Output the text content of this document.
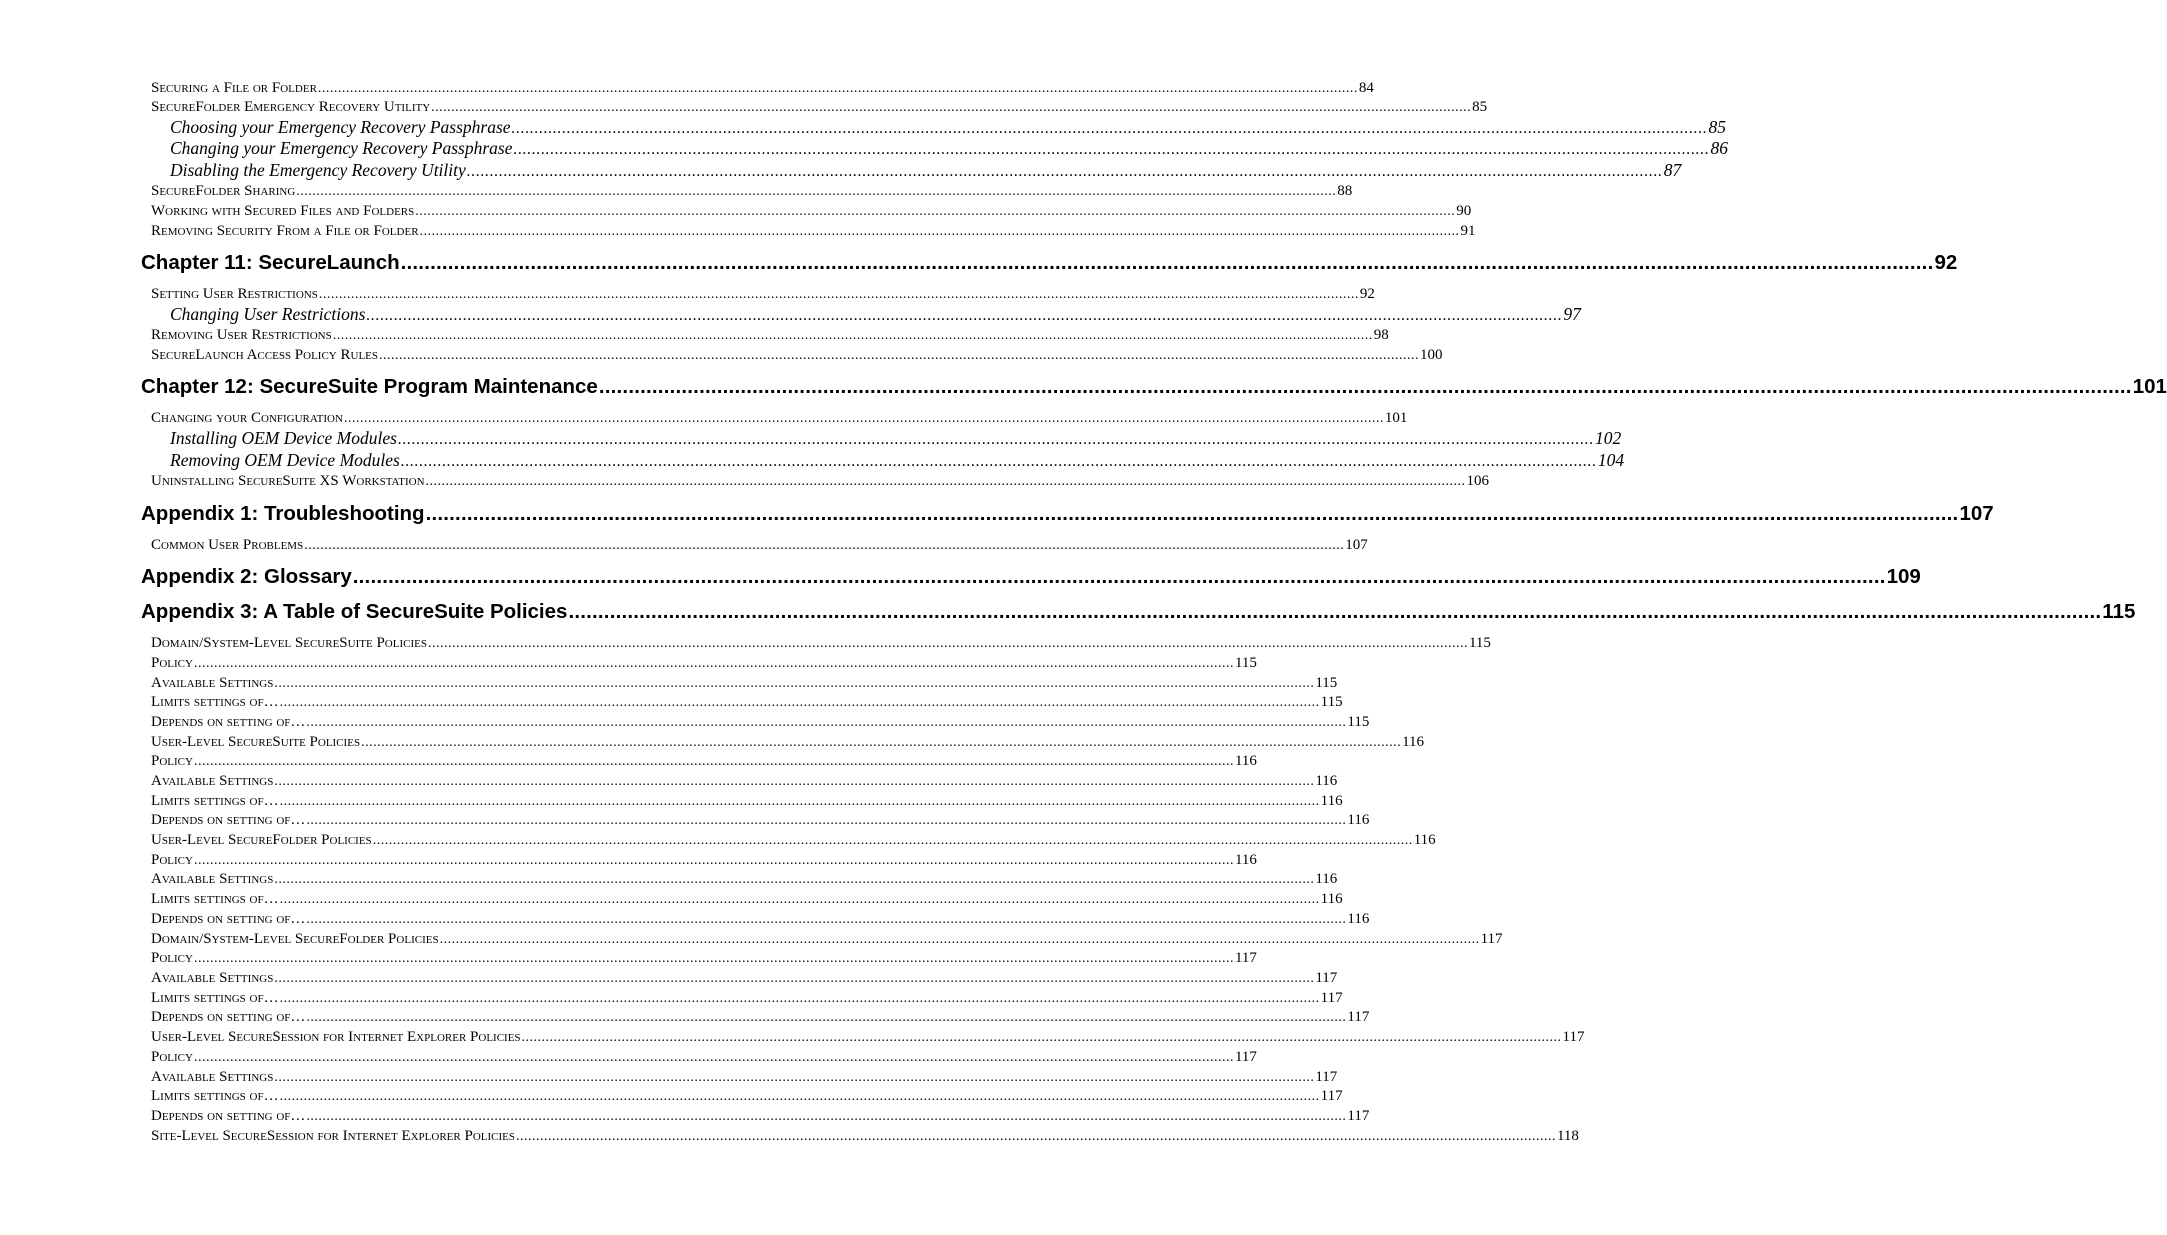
Securing a File or Folder .................................................................................................................................................................................................................................................................... 84
SecureFolder Emergency Recovery Utility .................................................................................................................................................................................................................................................................... 85
Choosing your Emergency Recovery Passphrase .................................................................................................................................................................................................................................................................... 85
Changing your Emergency Recovery Passphrase .................................................................................................................................................................................................................................................................... 86
Disabling the Emergency Recovery Utility .................................................................................................................................................................................................................................................................... 87
SecureFolder Sharing .................................................................................................................................................................................................................................................................... 88
Working with Secured Files and Folders .................................................................................................................................................................................................................................................................... 90
Removing Security From a File or Folder .................................................................................................................................................................................................................................................................... 91
Chapter 11: SecureLaunch .................................................................................................................................................................................................................................................................... 92
Setting User Restrictions .................................................................................................................................................................................................................................................................... 92
Changing User Restrictions .................................................................................................................................................................................................................................................................... 97
Removing User Restrictions .................................................................................................................................................................................................................................................................... 98
SecureLaunch Access Policy Rules .................................................................................................................................................................................................................................................................... 100
Chapter 12: SecureSuite Program Maintenance .................................................................................................................................................................................................................................................................... 101
Changing your Configuration .................................................................................................................................................................................................................................................................... 101
Installing OEM Device Modules .................................................................................................................................................................................................................................................................... 102
Removing OEM Device Modules .................................................................................................................................................................................................................................................................... 104
Uninstalling SecureSuite XS Workstation .................................................................................................................................................................................................................................................................... 106
Appendix 1: Troubleshooting .................................................................................................................................................................................................................................................................... 107
Common User Problems .................................................................................................................................................................................................................................................................... 107
Appendix 2: Glossary .................................................................................................................................................................................................................................................................... 109
Appendix 3: A Table of SecureSuite Policies .................................................................................................................................................................................................................................................................... 115
Domain/System-Level SecureSuite Policies .................................................................................................................................................................................................................................................................... 115
Policy .................................................................................................................................................................................................................................................................... 115
Available Settings .................................................................................................................................................................................................................................................................... 115
Limits settings of… .................................................................................................................................................................................................................................................................... 115
Depends on setting of… .................................................................................................................................................................................................................................................................... 115
User-Level SecureSuite Policies .................................................................................................................................................................................................................................................................... 116
Policy .................................................................................................................................................................................................................................................................... 116
Available Settings .................................................................................................................................................................................................................................................................... 116
Limits settings of… .................................................................................................................................................................................................................................................................... 116
Depends on setting of… .................................................................................................................................................................................................................................................................... 116
User-Level SecureFolder Policies .................................................................................................................................................................................................................................................................... 116
Policy .................................................................................................................................................................................................................................................................... 116
Available Settings .................................................................................................................................................................................................................................................................... 116
Limits settings of… .................................................................................................................................................................................................................................................................... 116
Depends on setting of… .................................................................................................................................................................................................................................................................... 116
Domain/System-Level SecureFolder Policies .................................................................................................................................................................................................................................................................... 117
Policy .................................................................................................................................................................................................................................................................... 117
Available Settings .................................................................................................................................................................................................................................................................... 117
Limits settings of… .................................................................................................................................................................................................................................................................... 117
Depends on setting of… .................................................................................................................................................................................................................................................................... 117
User-Level SecureSession for Internet Explorer Policies .................................................................................................................................................................................................................................................................... 117
Policy .................................................................................................................................................................................................................................................................... 117
Available Settings .................................................................................................................................................................................................................................................................... 117
Limits settings of… .................................................................................................................................................................................................................................................................... 117
Depends on setting of… .................................................................................................................................................................................................................................................................... 117
Site-Level SecureSession for Internet Explorer Policies .................................................................................................................................................................................................................................................................... 118
